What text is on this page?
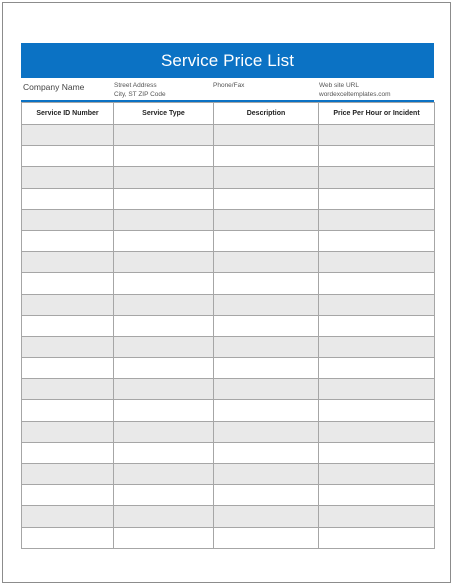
Service Price List
Company Name	Street Address
City, ST ZIP Code
Phone/Fax	Web site URL
wordexceltemplates.com
Service ID Number	Service Type	Description	Price Per Hour or Incident
